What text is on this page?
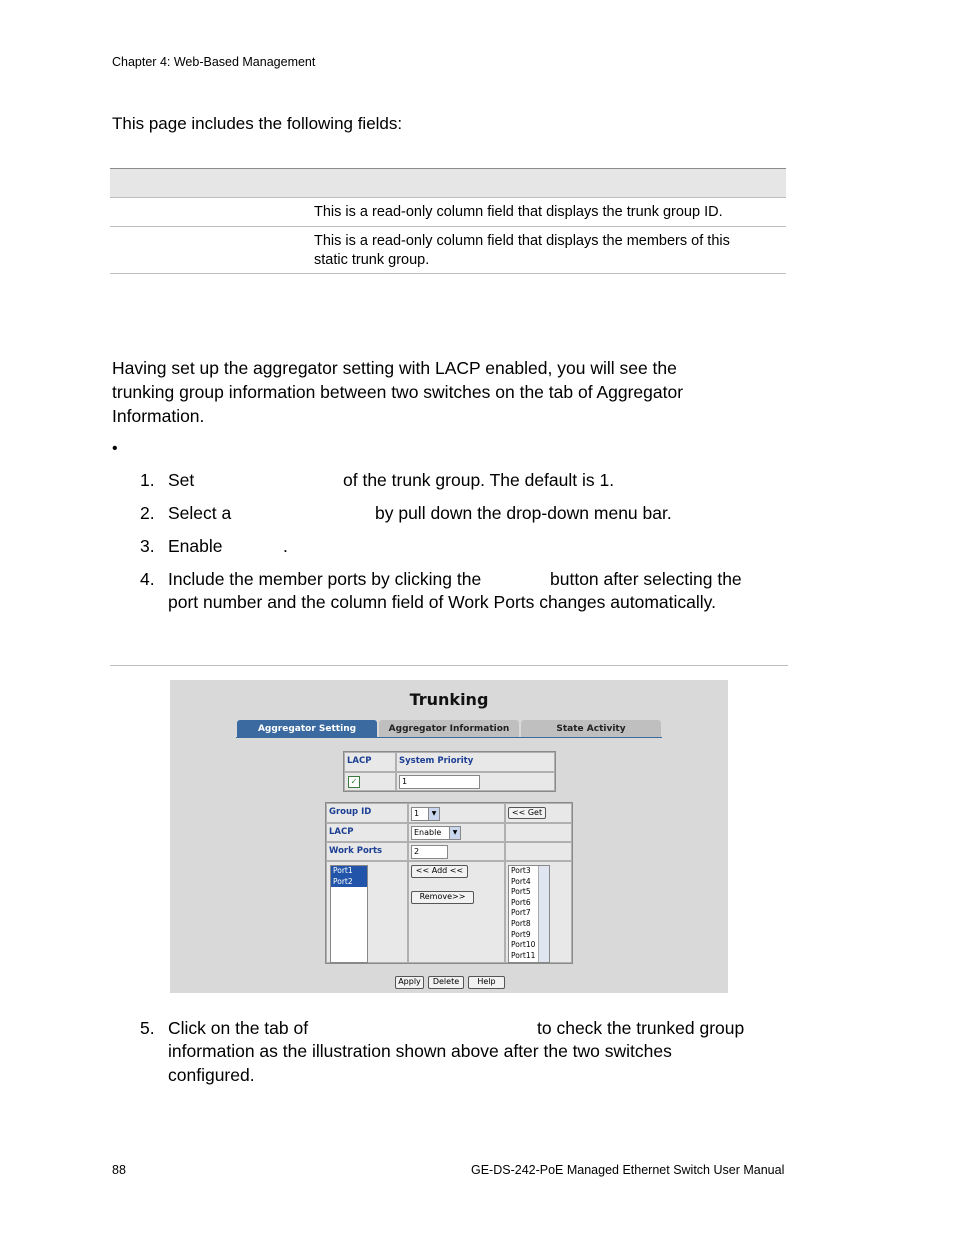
Chapter 4: Web-Based Management
This page includes the following fields:
This is a read-only column field that displays the trunk group ID.
This is a read-only column field that displays the members of this
static trunk group.
Having set up the aggregator setting with LACP enabled, you will see the
trunking group information between two switches on the tab of Aggregator
Information.
•
1. Set	of the trunk group. The default is 1.
2. Select a	by pull down the drop-down menu bar.
3. Enable	.
4. Include the member ports by clicking the	button after selecting the
port number and the column field of Work Ports changes automatically.
Trunking
Aggregator Setting	Aggregator Information	State Activity
LACP	System Priority
✓	1
Group ID	1	▼	<< Get
LACP	Enable	▼
Work Ports	2
Port1
Port2
<< Add <<
Remove>>
Port3
Port4
Port5
Port6
Port7
Port8
Port9
Port10
Port11
Apply	Delete	Help
5. Click on the tab of	to check the trunked group
information as the illustration shown above after the two switches
configured.
88	GE-DS-242-PoE Managed Ethernet Switch User Manual
